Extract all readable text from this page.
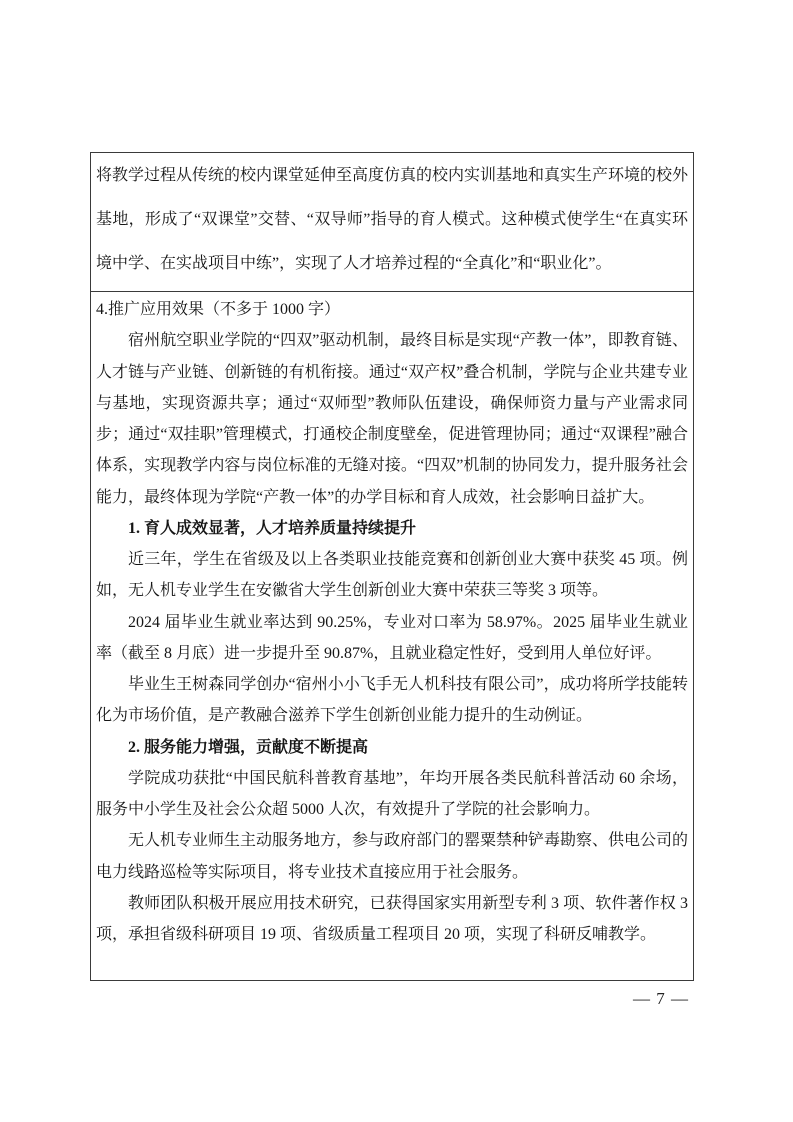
将教学过程从传统的校内课堂延伸至高度仿真的校内实训基地和真实生产环境的校外基地，形成了“双课堂”交替、“双导师”指导的育人模式。这种模式使学生“在真实环境中学、在实战项目中练”，实现了人才培养过程的“全真化”和“职业化”。

4.推广应用效果（不多于 1000 字）

宿州航空职业学院的“四双”驱动机制，最终目标是实现“产教一体”，即教育链、人才链与产业链、创新链的有机衔接。通过“双产权”叠合机制，学院与企业共建专业与基地，实现资源共享；通过“双师型”教师队伍建设，确保师资力量与产业需求同步；通过“双挂职”管理模式，打通校企制度壁垒，促进管理协同；通过“双课程”融合体系，实现教学内容与岗位标准的无缝对接。“四双”机制的协同发力，提升服务社会能力，最终体现为学院“产教一体”的办学目标和育人成效，社会影响日益扩大。

1. 育人成效显著，人才培养质量持续提升

近三年，学生在省级及以上各类职业技能竞赛和创新创业大赛中获奖 45 项。例如，无人机专业学生在安徽省大学生创新创业大赛中荣获三等奖 3 项等。

2024 届毕业生就业率达到 90.25%，专业对口率为 58.97%。2025 届毕业生就业率（截至 8 月底）进一步提升至 90.87%，且就业稳定性好，受到用人单位好评。

毕业生王树森同学创办“宿州小小飞手无人机科技有限公司”，成功将所学技能转化为市场价值，是产教融合滋养下学生创新创业能力提升的生动例证。

2. 服务能力增强，贡献度不断提高

学院成功获批“中国民航科普教育基地”，年均开展各类民航科普活动 60 余场，服务中小学生及社会公众超 5000 人次，有效提升了学院的社会影响力。

无人机专业师生主动服务地方，参与政府部门的罂粟禁种铲毒勘察、供电公司的电力线路巡检等实际项目，将专业技术直接应用于社会服务。

教师团队积极开展应用技术研究，已获得国家实用新型专利 3 项、软件著作权 3 项，承担省级科研项目 19 项、省级质量工程项目 20 项，实现了科研反哺教学。

— 7 —
